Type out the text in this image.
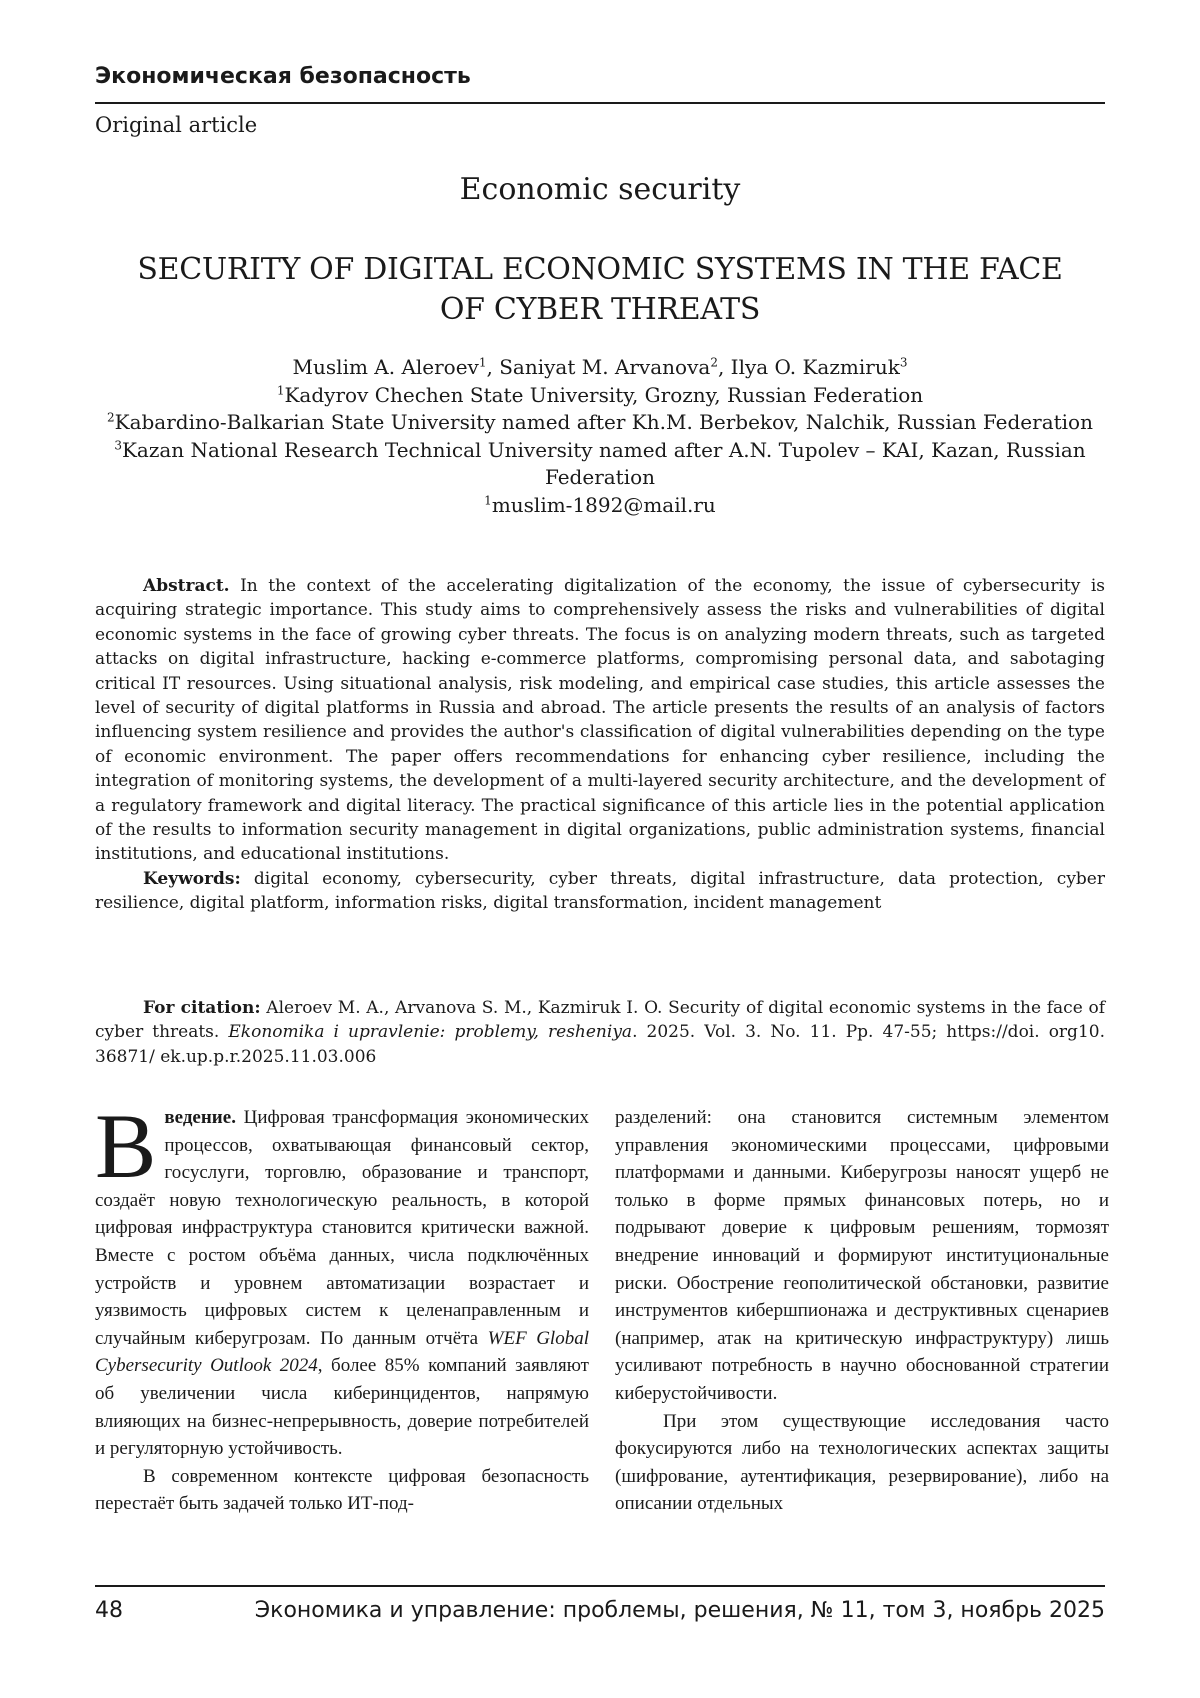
Экономическая безопасность
Original article
Economic security
SECURITY OF DIGITAL ECONOMIC SYSTEMS IN THE FACE
OF CYBER THREATS
Muslim A. Aleroev$^1$, Saniyat M. Arvanova$^2$, Ilya O. Kazmiruk$^3$
$^1$Kadyrov Chechen State University, Grozny, Russian Federation
$^2$Kabardino-Balkarian State University named after Kh.M. Berbekov, Nalchik, Russian Federation
$^3$Kazan National Research Technical University named after A.N. Tupolev – KAI, Kazan, Russian Federation
$^1$muslim-1892@mail.ru

Abstract. In the context of the accelerating digitalization of the economy, the issue of cybersecurity is acquiring strategic importance. This study aims to comprehensively assess the risks and vulnerabilities of digital economic systems in the face of growing cyber threats. The focus is on analyzing modern threats, such as targeted attacks on digital infrastructure, hacking e-commerce platforms, compromising personal data, and sabotaging critical IT resources. Using situational analysis, risk modeling, and empirical case studies, this article assesses the level of security of digital platforms in Russia and abroad. The article presents the results of an analysis of factors influencing system resilience and provides the author's classification of digital vulnerabilities depending on the type of economic environment. The paper offers recommendations for enhancing cyber resilience, including the integration of monitoring systems, the development of a multi-layered security architecture, and the development of a regulatory framework and digital literacy. The practical significance of this article lies in the potential application of the results to information security management in digital organizations, public administration systems, financial institutions, and educational institutions.

Keywords: digital economy, cybersecurity, cyber threats, digital infrastructure, data protection, cyber resilience, digital platform, information risks, digital transformation, incident management

For citation: Aleroev M. A., Arvanova S. M., Kazmiruk I. O. Security of digital economic systems in the face of cyber threats. Ekonomika i upravlenie: problemy, resheniya. 2025. Vol. 3. No. 11. Pp. 47-55; https://doi. org10. 36871/ ek.up.p.r.2025.11.03.006

Введение. Цифровая трансформация экономических процессов, охватывающая финансовый сектор, госуслуги, торговлю, образование и транспорт, создаёт новую технологическую реальность, в которой цифровая инфраструктура становится критически важной. Вместе с ростом объёма данных, числа подключённых устройств и уровнем автоматизации возрастает и уязвимость цифровых систем к целенаправленным и случайным киберугрозам. По данным отчёта WEF Global Cybersecurity Outlook 2024, более 85% компаний заявляют об увеличении числа киберинцидентов, напрямую влияющих на бизнес-непрерывность, доверие потребителей и регуляторную устойчивость.

В современном контексте цифровая безопасность перестаёт быть задачей только ИТ-под-

разделений: она становится системным элементом управления экономическими процессами, цифровыми платформами и данными. Киберугрозы наносят ущерб не только в форме прямых финансовых потерь, но и подрывают доверие к цифровым решениям, тормозят внедрение инноваций и формируют институциональные риски. Обострение геополитической обстановки, развитие инструментов кибершпионажа и деструктивных сценариев (например, атак на критическую инфраструктуру) лишь усиливают потребность в научно обоснованной стратегии киберустойчивости.

При этом существующие исследования часто фокусируются либо на технологических аспектах защиты (шифрование, аутентификация, резервирование), либо на описании отдельных

48	Экономика и управление: проблемы, решения, № 11, том 3, ноябрь 2025
